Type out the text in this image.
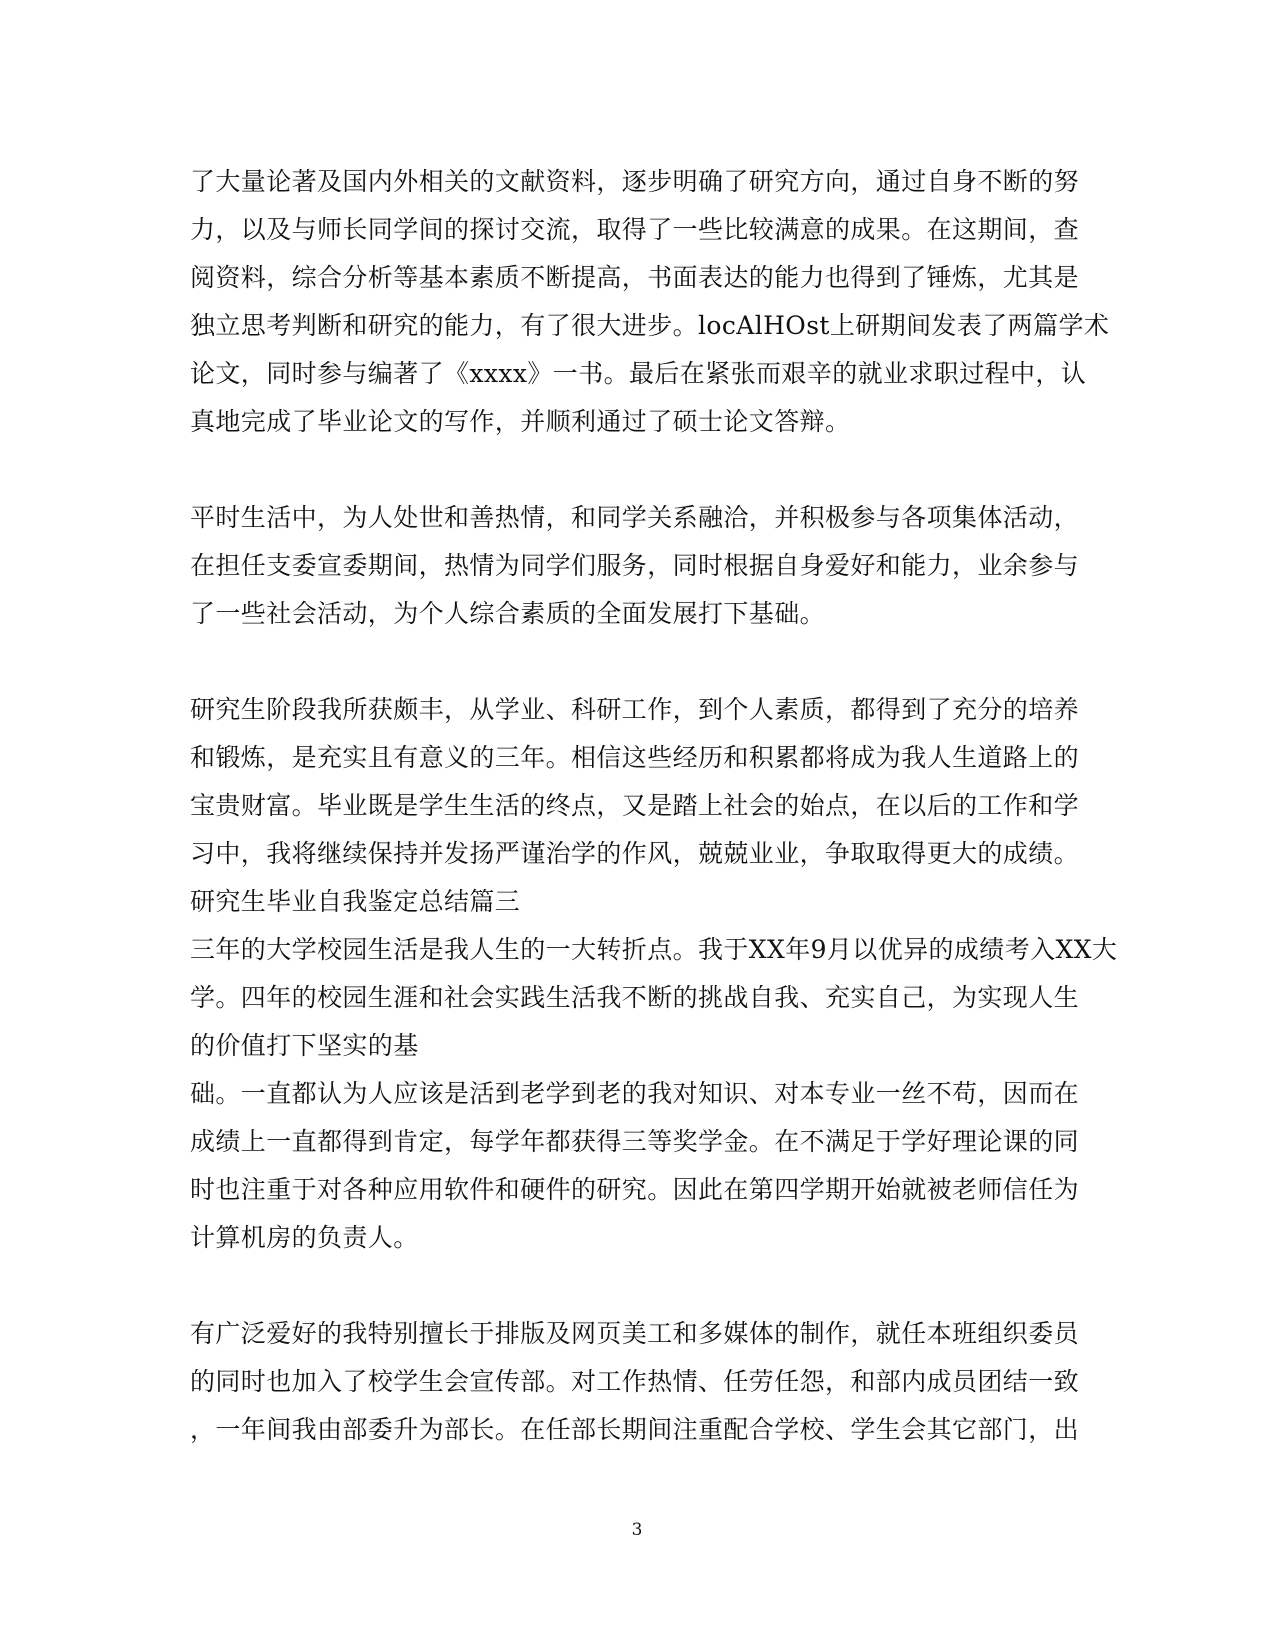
了大量论著及国内外相关的文献资料，逐步明确了研究方向，通过自身不断的努
力，以及与师长同学间的探讨交流，取得了一些比较满意的成果。在这期间，查
阅资料，综合分析等基本素质不断提高，书面表达的能力也得到了锤炼，尤其是
独立思考判断和研究的能力，有了很大进步。locAlHOst上研期间发表了两篇学术
论文，同时参与编著了《xxxx》一书。最后在紧张而艰辛的就业求职过程中，认
真地完成了毕业论文的写作，并顺利通过了硕士论文答辩。
平时生活中，为人处世和善热情，和同学关系融洽，并积极参与各项集体活动，
在担任支委宣委期间，热情为同学们服务，同时根据自身爱好和能力，业余参与
了一些社会活动，为个人综合素质的全面发展打下基础。
研究生阶段我所获颇丰，从学业、科研工作，到个人素质，都得到了充分的培养
和锻炼，是充实且有意义的三年。相信这些经历和积累都将成为我人生道路上的
宝贵财富。毕业既是学生生活的终点，又是踏上社会的始点，在以后的工作和学
习中，我将继续保持并发扬严谨治学的作风，兢兢业业，争取取得更大的成绩。
研究生毕业自我鉴定总结篇三
三年的大学校园生活是我人生的一大转折点。我于XX年9月以优异的成绩考入XX大
学。四年的校园生涯和社会实践生活我不断的挑战自我、充实自己，为实现人生
的价值打下坚实的基
础。一直都认为人应该是活到老学到老的我对知识、对本专业一丝不苟，因而在
成绩上一直都得到肯定，每学年都获得三等奖学金。在不满足于学好理论课的同
时也注重于对各种应用软件和硬件的研究。因此在第四学期开始就被老师信任为
计算机房的负责人。
有广泛爱好的我特别擅长于排版及网页美工和多媒体的制作，就任本班组织委员
的同时也加入了校学生会宣传部。对工作热情、任劳任怨，和部内成员团结一致
，一年间我由部委升为部长。在任部长期间注重配合学校、学生会其它部门，出
3
